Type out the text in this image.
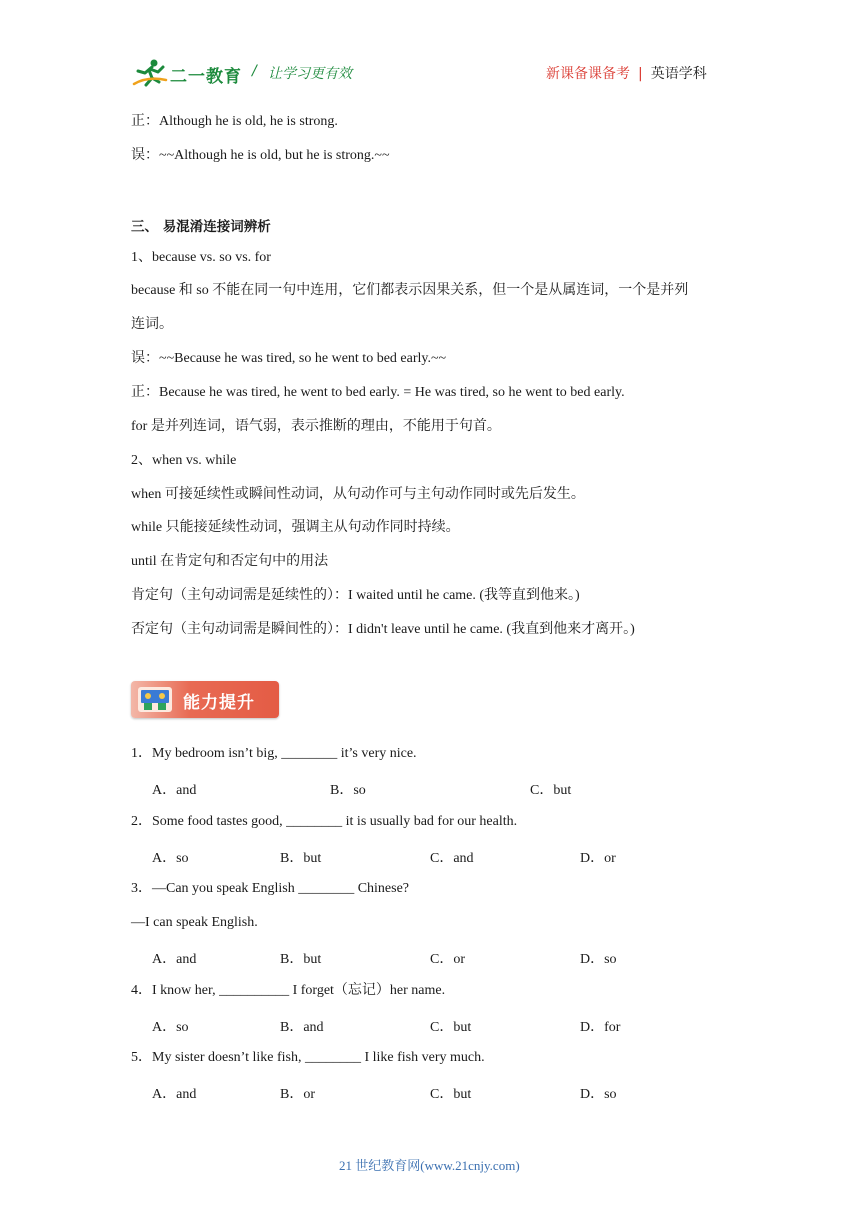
二一教育 / 让学习更有效	新课备课备考 | 英语学科
正：Although he is old, he is strong.
误：~~Although he is old, but he is strong.~~
三、 易混淆连接词辨析
1、because vs. so vs. for
because 和 so 不能在同一句中连用，它们都表示因果关系，但一个是从属连词，一个是并列
连词。
误：~~Because he was tired, so he went to bed early.~~
正：Because he was tired, he went to bed early. = He was tired, so he went to bed early.
for 是并列连词，语气弱，表示推断的理由，不能用于句首。
2、when vs. while
when 可接延续性或瞬间性动词，从句动作可与主句动作同时或先后发生。
while 只能接延续性动词，强调主从句动作同时持续。
until 在肯定句和否定句中的用法
肯定句（主句动词需是延续性的）：I waited until he came. (我等直到他来。)
否定句（主句动词需是瞬间性的）：I didn't leave until he came. (我直到他来才离开。)
能力提升
1．My bedroom isn’t big, ________ it’s very nice.
A．and	B．so	C．but
2．Some food tastes good, ________ it is usually bad for our health.
A．so	B．but	C．and	D．or
3．—Can you speak English ________ Chinese?
—I can speak English.
A．and	B．but	C．or	D．so
4．I know her, __________ I forget（忘记）her name.
A．so	B．and	C．but	D．for
5．My sister doesn’t like fish, ________ I like fish very much.
A．and	B．or	C．but	D．so
21 世纪教育网(www.21cnjy.com)
